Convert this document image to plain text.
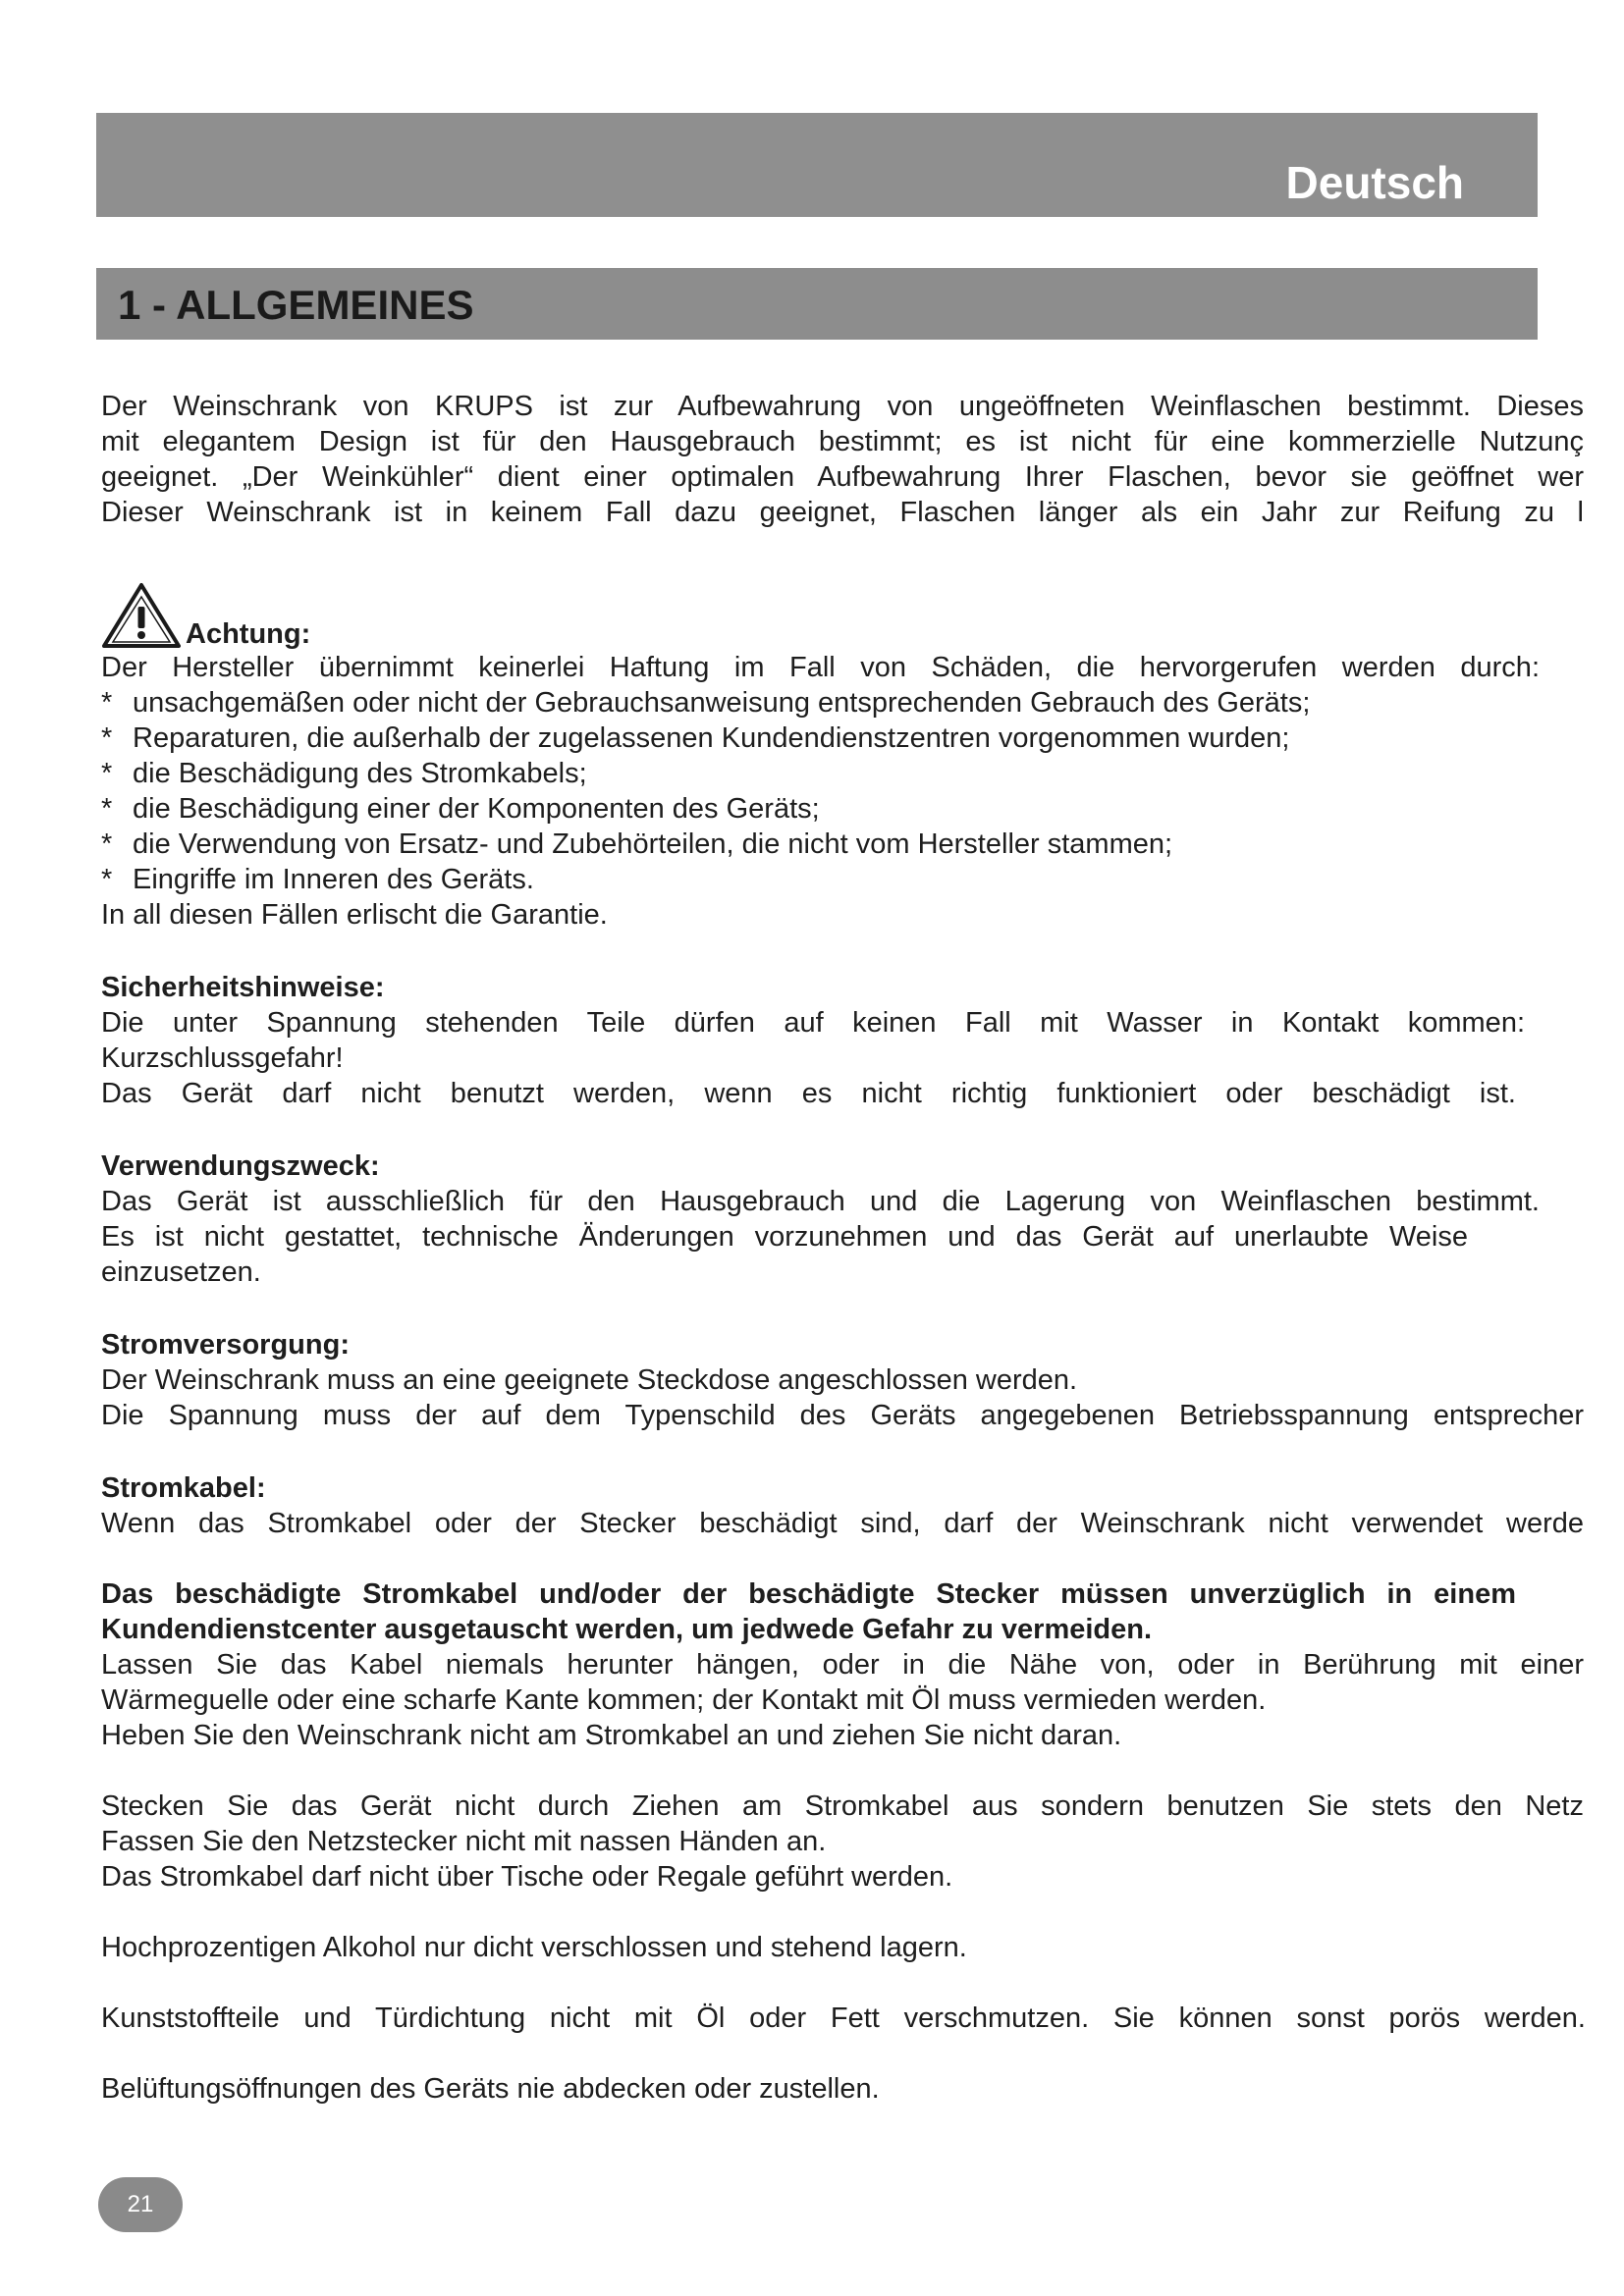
Deutsch
1 - ALLGEMEINES

Der Weinschrank von KRUPS ist zur Aufbewahrung von ungeöffneten Weinflaschen bestimmt. Dieses

mit elegantem Design ist für den Hausgebrauch bestimmt; es ist nicht für eine kommerzielle Nutzunç

geeignet. „Der Weinkühler“ dient einer optimalen Aufbewahrung Ihrer Flaschen, bevor sie geöffnet wer

Dieser Weinschrank ist in keinem Fall dazu geeignet, Flaschen länger als ein Jahr zur Reifung zu l

Achtung:

Der Hersteller übernimmt keinerlei Haftung im Fall von Schäden, die hervorgerufen werden durch:

* unsachgemäßen oder nicht der Gebrauchsanweisung entsprechenden Gebrauch des Geräts;
* Reparaturen, die außerhalb der zugelassenen Kundendienstzentren vorgenommen wurden;
* die Beschädigung des Stromkabels;
* die Beschädigung einer der Komponenten des Geräts;
* die Verwendung von Ersatz- und Zubehörteilen, die nicht vom Hersteller stammen;
* Eingriffe im Inneren des Geräts.

In all diesen Fällen erlischt die Garantie.

Sicherheitshinweise:

Die unter Spannung stehenden Teile dürfen auf keinen Fall mit Wasser in Kontakt kommen:

Kurzschlussgefahr!

Das Gerät darf nicht benutzt werden, wenn es nicht richtig funktioniert oder beschädigt ist.

Verwendungszweck:

Das Gerät ist ausschließlich für den Hausgebrauch und die Lagerung von Weinflaschen bestimmt.

Es ist nicht gestattet, technische Änderungen vorzunehmen und das Gerät auf unerlaubte Weise

einzusetzen.

Stromversorgung:

Der Weinschrank muss an eine geeignete Steckdose angeschlossen werden.

Die Spannung muss der auf dem Typenschild des Geräts angegebenen Betriebsspannung entsprecher

Stromkabel:

Wenn das Stromkabel oder der Stecker beschädigt sind, darf der Weinschrank nicht verwendet werde

Das beschädigte Stromkabel und/oder der beschädigte Stecker müssen unverzüglich in einem

Kundendienstcenter ausgetauscht werden, um jedwede Gefahr zu vermeiden.

Lassen Sie das Kabel niemals herunter hängen, oder in die Nähe von, oder in Berührung mit einer

Wärmeguelle oder eine scharfe Kante kommen; der Kontakt mit Öl muss vermieden werden.

Heben Sie den Weinschrank nicht am Stromkabel an und ziehen Sie nicht daran.

Stecken Sie das Gerät nicht durch Ziehen am Stromkabel aus sondern benutzen Sie stets den Netz

Fassen Sie den Netzstecker nicht mit nassen Händen an.

Das Stromkabel darf nicht über Tische oder Regale geführt werden.

Hochprozentigen Alkohol nur dicht verschlossen und stehend lagern.

Kunststoffteile und Türdichtung nicht mit Öl oder Fett verschmutzen. Sie können sonst porös werden.

Belüftungsöffnungen des Geräts nie abdecken oder zustellen.

21
